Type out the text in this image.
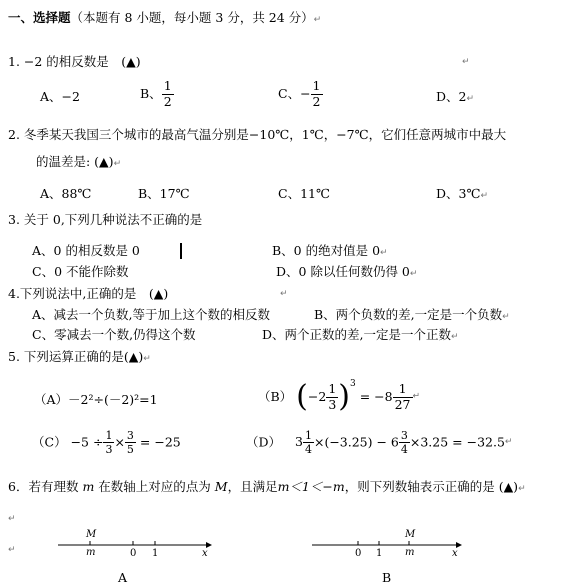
一、选择题（本题有 8 小题，每小题 3 分，共 24 分）↵
1. −2 的相反数是　(▲)	↵
A、−2	B、 $\frac{1}{2}$	C、− $\frac{1}{2}$	D、2↵
2. 冬季某天我国三个城市的最高气温分别是−10℃，1℃，−7℃，它们任意两城市中最大
的温差是: (▲)↵
A、88℃	B、17℃	C、11℃	D、3℃↵
3. 关于 0,下列几种说法不正确的是
A、0 的相反数是 0	B、0 的绝对值是 0↵
C、0 不能作除数	D、0 除以任何数仍得 0↵
4.下列说法中,正确的是　(▲)	↵
A、减去一个负数,等于加上这个数的相反数	B、两个负数的差,一定是一个负数↵
C、零减去一个数,仍得这个数	D、两个正数的差,一定是一个正数↵
5. 下列运算正确的是(▲)↵
（A）－2²÷(－2)²=1	（B） $(-2 \frac{1}{3} )^3 = -8 \frac{1}{27}$ ↵
$(C) -5 \div \frac{1}{3} \times \frac{3}{5} = -25$	（D） $3 \frac{1}{4} \times(-3.25) - 6 \frac{3}{4} \times 3.25$ = −32.5↵
6．若有理数 m 在数轴上对应的点为 M，且满足m＜1＜−m，则下列数轴表示正确的是 (▲)↵
↵
↵
M
m	0 1	x
A
M
m
0 1	x
B
